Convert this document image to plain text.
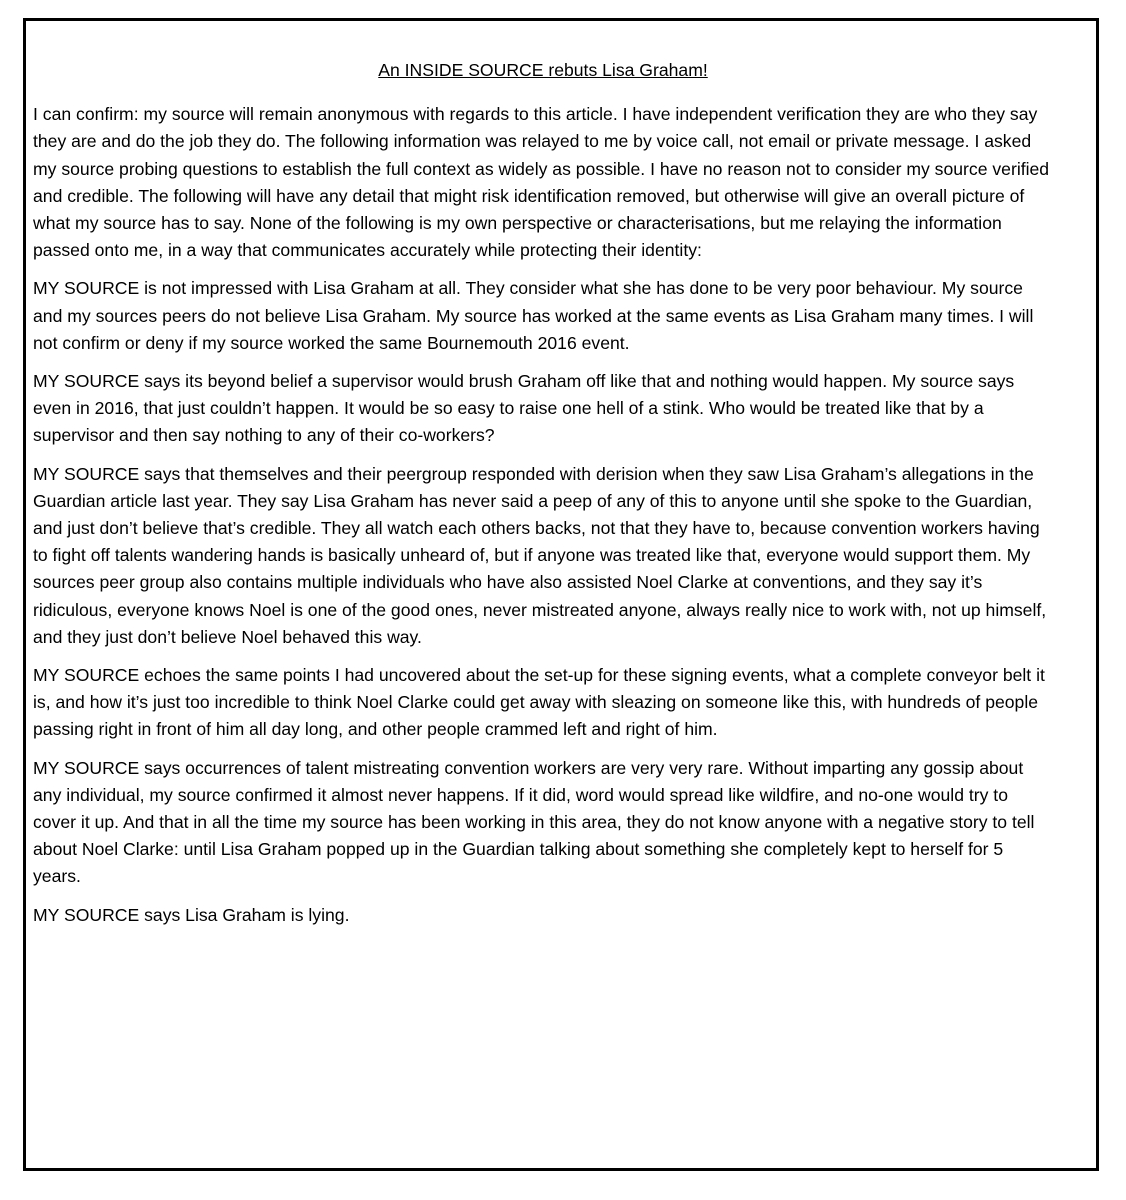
An INSIDE SOURCE rebuts Lisa Graham!
I can confirm: my source will remain anonymous with regards to this article. I have independent verification they are who they say they are and do the job they do. The following information was relayed to me by voice call, not email or private message. I asked my source probing questions to establish the full context as widely as possible. I have no reason not to consider my source verified and credible. The following will have any detail that might risk identification removed, but otherwise will give an overall picture of what my source has to say. None of the following is my own perspective or characterisations, but me relaying the information passed onto me, in a way that communicates accurately while protecting their identity:
MY SOURCE is not impressed with Lisa Graham at all. They consider what she has done to be very poor behaviour. My source and my sources peers do not believe Lisa Graham. My source has worked at the same events as Lisa Graham many times. I will not confirm or deny if my source worked the same Bournemouth 2016 event.
MY SOURCE says its beyond belief a supervisor would brush Graham off like that and nothing would happen. My source says even in 2016, that just couldn’t happen. It would be so easy to raise one hell of a stink. Who would be treated like that by a supervisor and then say nothing to any of their co-workers?
MY SOURCE says that themselves and their peergroup responded with derision when they saw Lisa Graham’s allegations in the Guardian article last year. They say Lisa Graham has never said a peep of any of this to anyone until she spoke to the Guardian, and just don’t believe that’s credible. They all watch each others backs, not that they have to, because convention workers having to fight off talents wandering hands is basically unheard of, but if anyone was treated like that, everyone would support them. My sources peer group also contains multiple individuals who have also assisted Noel Clarke at conventions, and they say it’s ridiculous, everyone knows Noel is one of the good ones, never mistreated anyone, always really nice to work with, not up himself, and they just don’t believe Noel behaved this way.
MY SOURCE echoes the same points I had uncovered about the set-up for these signing events, what a complete conveyor belt it is, and how it’s just too incredible to think Noel Clarke could get away with sleazing on someone like this, with hundreds of people passing right in front of him all day long, and other people crammed left and right of him.
MY SOURCE says occurrences of talent mistreating convention workers are very very rare. Without imparting any gossip about any individual, my source confirmed it almost never happens. If it did, word would spread like wildfire, and no-one would try to cover it up. And that in all the time my source has been working in this area, they do not know anyone with a negative story to tell about Noel Clarke: until Lisa Graham popped up in the Guardian talking about something she completely kept to herself for 5 years.
MY SOURCE says Lisa Graham is lying.
